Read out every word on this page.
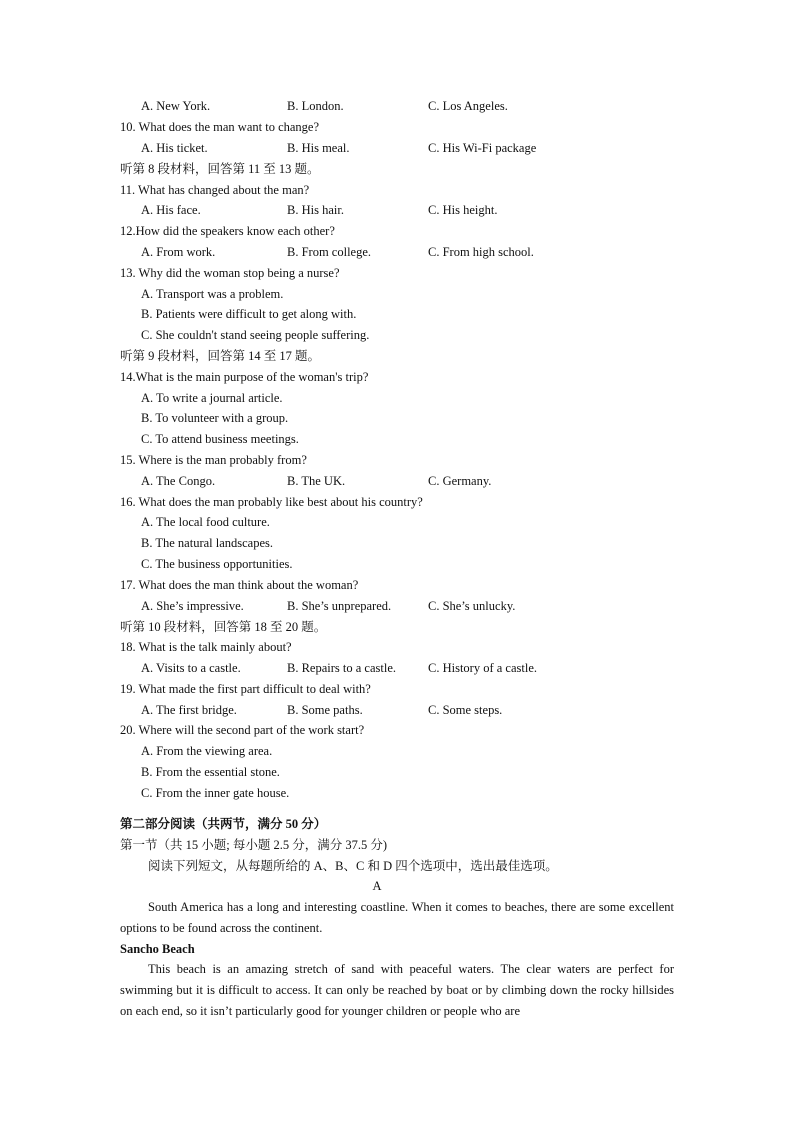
A. New York.	B. London.	C. Los Angeles.
10. What does the man want to change?
A. His ticket.	B. His meal.	C. His Wi-Fi package
听第 8 段材料，回答第 11 至 13 题。
11. What has changed about the man?
A. His face.	B. His hair.	C. His height.
12.How did the speakers know each other?
A. From work.	B. From college.	C. From high school.
13. Why did the woman stop being a nurse?
A. Transport was a problem.
B. Patients were difficult to get along with.
C. She couldn't stand seeing people suffering.
听第 9 段材料，回答第 14 至 17 题。
14.What is the main purpose of the woman's trip?
A. To write a journal article.
B. To volunteer with a group.
C. To attend business meetings.
15. Where is the man probably from?
A. The Congo.	B. The UK.	C. Germany.
16. What does the man probably like best about his country?
A. The local food culture.
B. The natural landscapes.
C. The business opportunities.
17. What does the man think about the woman?
A. She’s impressive.	B. She’s unprepared.	C. She’s unlucky.
听第 10 段材料，回答第 18 至 20 题。
18. What is the talk mainly about?
A. Visits to a castle.	B. Repairs to a castle.	C. History of a castle.
19. What made the first part difficult to deal with?
A. The first bridge.	B. Some paths.	C. Some steps.
20. Where will the second part of the work start?
A. From the viewing area.
B. From the essential stone.
C. From the inner gate house.
第二部分阅读（共两节，满分 50 分）
第一节（共 15 小题; 每小题 2.5 分，满分 37.5 分)
阅读下列短文，从每题所给的 A、B、C 和 D 四个选项中，选出最佳选项。
A
South America has a long and interesting coastline. When it comes to beaches, there are some excellent options to be found across the continent.
Sancho Beach
This beach is an amazing stretch of sand with peaceful waters. The clear waters are perfect for swimming but it is difficult to access. It can only be reached by boat or by climbing down the rocky hillsides on each end, so it isn’t particularly good for younger children or people who are
